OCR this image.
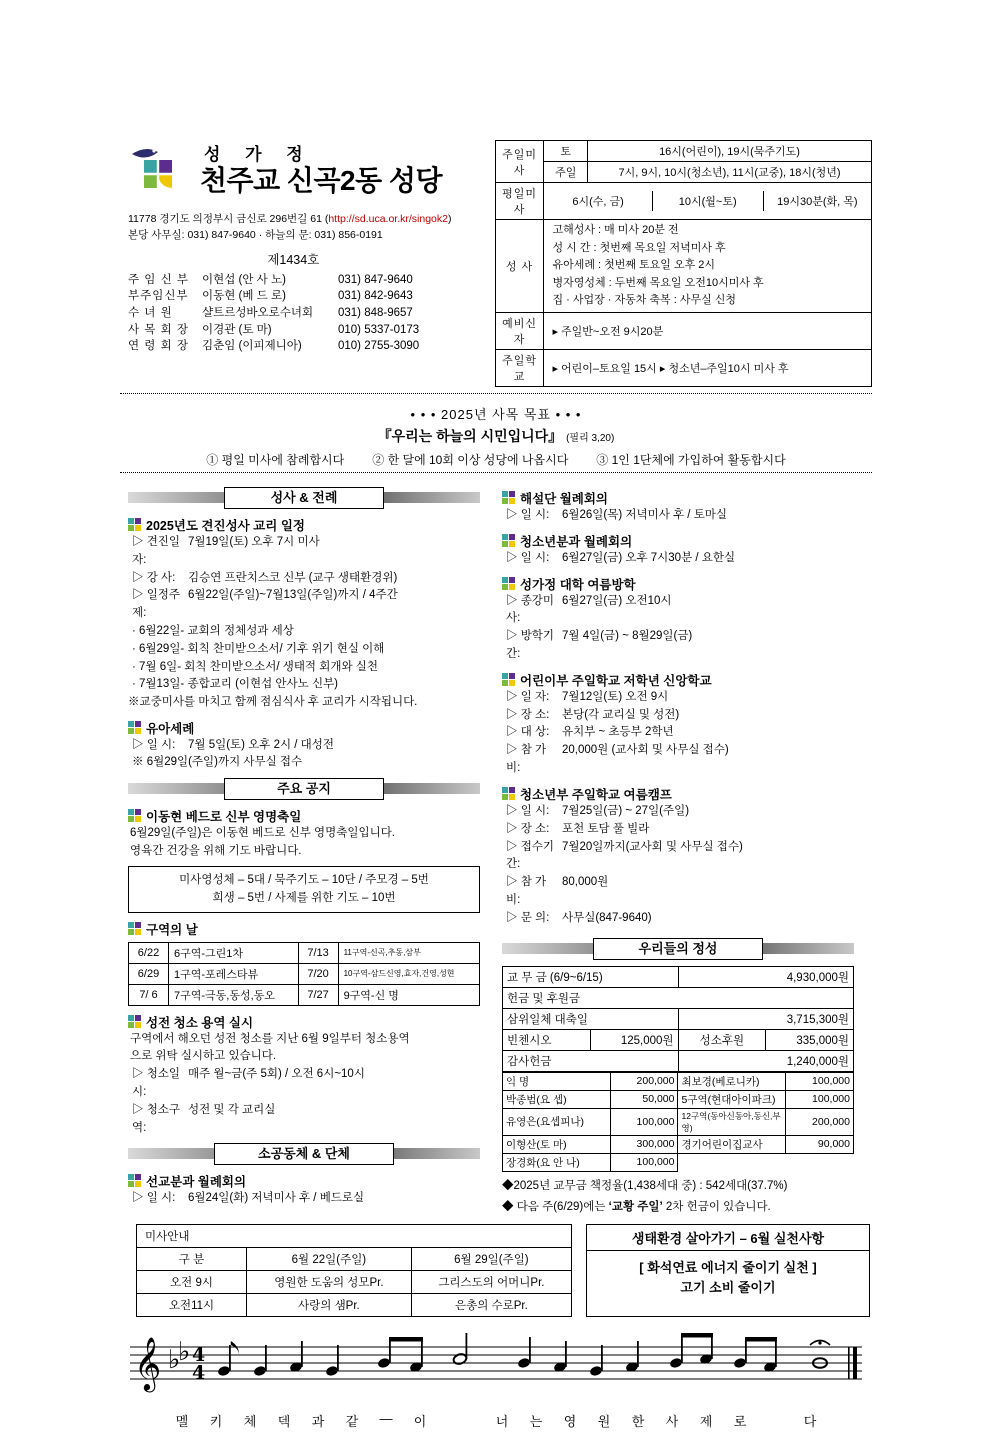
성 가 정
천주교 신곡2동 성당
11778 경기도 의정부시 금신로 296번길 61 (http://sd.uca.or.kr/singok2)
본당 사무실: 031) 847-9640 · 하늘의 문: 031) 856-0191
제1434호
주 임 신 부	이현섭 (안 사 노)	031) 847-9640
부주임신부	이동현 (베 드 로)	031) 842-9643
수 녀 원	샬트르성바오로수녀회	031) 848-9657
사 목 회 장	이경관 (토 마)	010) 5337-0173
연 령 회 장	김춘임 (이피제니아)	010) 2755-3090
주일미사	토	16시(어린이), 19시(묵주기도)
주일	7시, 9시, 10시(청소년), 11시(교중), 18시(청년)
평일미사	
6시(수, 금)	10시(월~토)	19시30분(화, 목)

성 사	
고해성사 : 매 미사 20분 전
성 시 간 : 첫번째 목요일 저녁미사 후
유아세례 : 첫번째 토요일 오후 2시
병자영성체 : 두번째 목요일 오전10시미사 후
집 · 사업장 · 자동차 축복 : 사무실 신청

예비신자	▸ 주일반~오전 9시20분
주일학교	▸ 어린이–토요일 15시 ▸ 청소년–주일10시 미사 후
• • • 2025년 사목 목표 • • •
『우리는 하늘의 시민입니다』 (필리 3,20)
① 평일 미사에 참례합시다 ② 한 달에 10회 이상 성당에 나옵시다 ③ 1인 1단체에 가입하여 활동합시다
성사 & 전례
2025년도 견진성사 교리 일정
▷ 견진일자:
7월19일(토) 오후 7시 미사
▷ 강 사:	김승연 프란치스코 신부 (교구 생태환경위)
▷ 일정주제:
6월22일(주일)~7월13일(주일)까지 / 4주간
· 6월22일- 교회의 정체성과 세상
· 6월29일- 회칙 찬미받으소서/ 기후 위기 현실 이해
· 7월 6일- 회칙 찬미받으소서/ 생태적 회개와 실천
· 7월13일- 종합교리 (이현섭 안사노 신부)
※교중미사를 마치고 함께 점심식사 후 교리가 시작됩니다.
유아세례
▷ 일 시:	7월 5일(토) 오후 2시 / 대성전
※ 6월29일(주일)까지 사무실 접수
주요 공지
이동현 베드로 신부 영명축일
6월29일(주일)은 이동현 베드로 신부 영명축일입니다.
영육간 건강을 위해 기도 바랍니다.
미사영성체 – 5대 / 묵주기도 – 10단 / 주모경 – 5번
희생 – 5번 / 사제를 위한 기도 – 10번
구역의 날
6/22	6구역-그린1차	7/13	11구역-신곡,추동,삼부
6/29	1구역-포레스타뷰	7/20	10구역-삼드신영,효자,건영,성현
7/ 6	7구역-극동,동성,동오	7/27	9구역-신 명
성전 청소 용역 실시
구역에서 해오던 성전 청소를 지난 6월 9일부터 청소용역
으로 위탁 실시하고 있습니다.
▷ 청소일시:
매주 월~금(주 5회) / 오전 6시~10시
▷ 청소구역:
성전 및 각 교리실
소공동체 & 단체
선교분과 월례회의
▷ 일 시:	6월24일(화) 저녁미사 후 / 베드로실
해설단 월례회의
▷ 일 시:	6월26일(목) 저녁미사 후 / 토마실
청소년분과 월례회의
▷ 일 시:	6월27일(금) 오후 7시30분 / 요한실
성가정 대학 여름방학
▷ 종강미사:
6월27일(금) 오전10시
▷ 방학기간:
7월 4일(금) ~ 8월29일(금)
어린이부 주일학교 저학년 신앙학교
▷ 일 자:	7월12일(토) 오전 9시
▷ 장 소:	본당(각 교리실 및 성전)
▷ 대 상:	유치부 ~ 초등부 2학년
▷ 참 가 비:
20,000원 (교사회 및 사무실 접수)
청소년부 주일학교 여름캠프
▷ 일 시:	7월25일(금) ~ 27일(주일)
▷ 장 소:	포천 토담 풀 빌라
▷ 접수기간:
7월20일까지(교사회 및 사무실 접수)
▷ 참 가 비:
80,000원
▷ 문 의:	사무실(847-9640)
우리들의 정성
교 무 금 (6/9~6/15)		4,930,000원	
헌금 및 후원금			
삼위일체 대축일		3,715,300원	
빈첸시오	125,000원	성소후원	335,000원
감사헌금		1,240,000원	
익 명	200,000	최보경(베로니카)	100,000
박종범(요 셉)	50,000	5구역(현대아이파크)	100,000
유영은(요셉피나)	100,000	12구역(동아신동아,동신,부영)	200,000
이형산(토 마)	300,000	경기어린이집교사	90,000
장경화(요 안 나)	100,000		
◆2025년 교무금 책정율(1,438세대 중) : 542세대(37.7%)
◆ 다음 주(6/29)에는 ‘교황 주일’ 2차 헌금이 있습니다.
미사안내		
구 분	6월 22일(주일)	6월 29일(주일)
오전 9시	영원한 도움의 성모Pr.	그리스도의 어머니Pr.
오전11시	사랑의 샘Pr.	은총의 수로Pr.
생태환경 살아가기 – 6월 실천사항
[ 화석연료 에너지 줄이기 실천 ]
고기 소비 줄이기
𝄞 ♭
♭ 4
4
멜	키	체	덱	과	같	—	이	너	는	영	원	한	사	제	로	다
